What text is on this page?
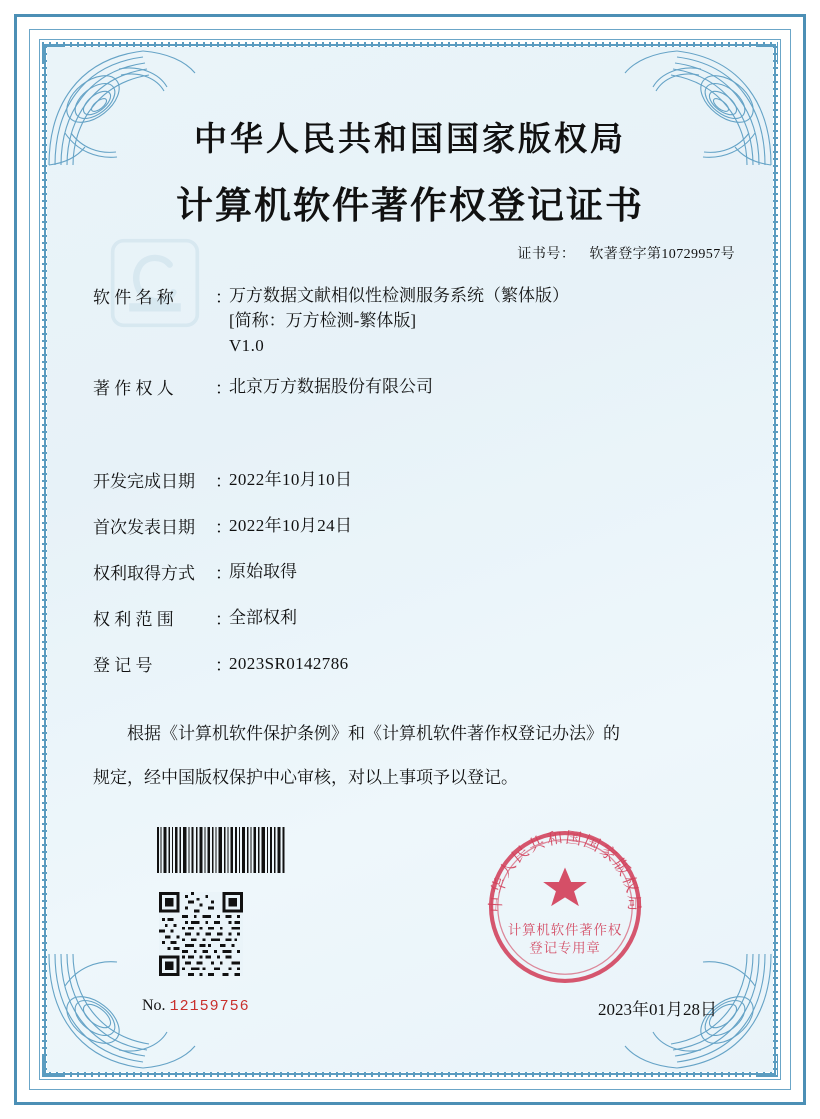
中华人民共和国国家版权局
计算机软件著作权登记证书
证书号： 软著登字第10729957号
软 件 名 称	：
万方数据文献相似性检测服务系统（繁体版）
[简称：万方检测-繁体版]
V1.0
著 作 权 人	：
北京万方数据股份有限公司
开发完成日期	：
2022年10月10日
首次发表日期	：
2022年10月24日
权利取得方式	：
原始取得
权 利 范 围	：
全部权利
登 记 号	：
2023SR0142786
根据《计算机软件保护条例》和《计算机软件著作权登记办法》的
规定，经中国版权保护中心审核，对以上事项予以登记。
No. 12159756
中华人民共和国国家版权局
计算机软件著作权
登记专用章
2023年01月28日
